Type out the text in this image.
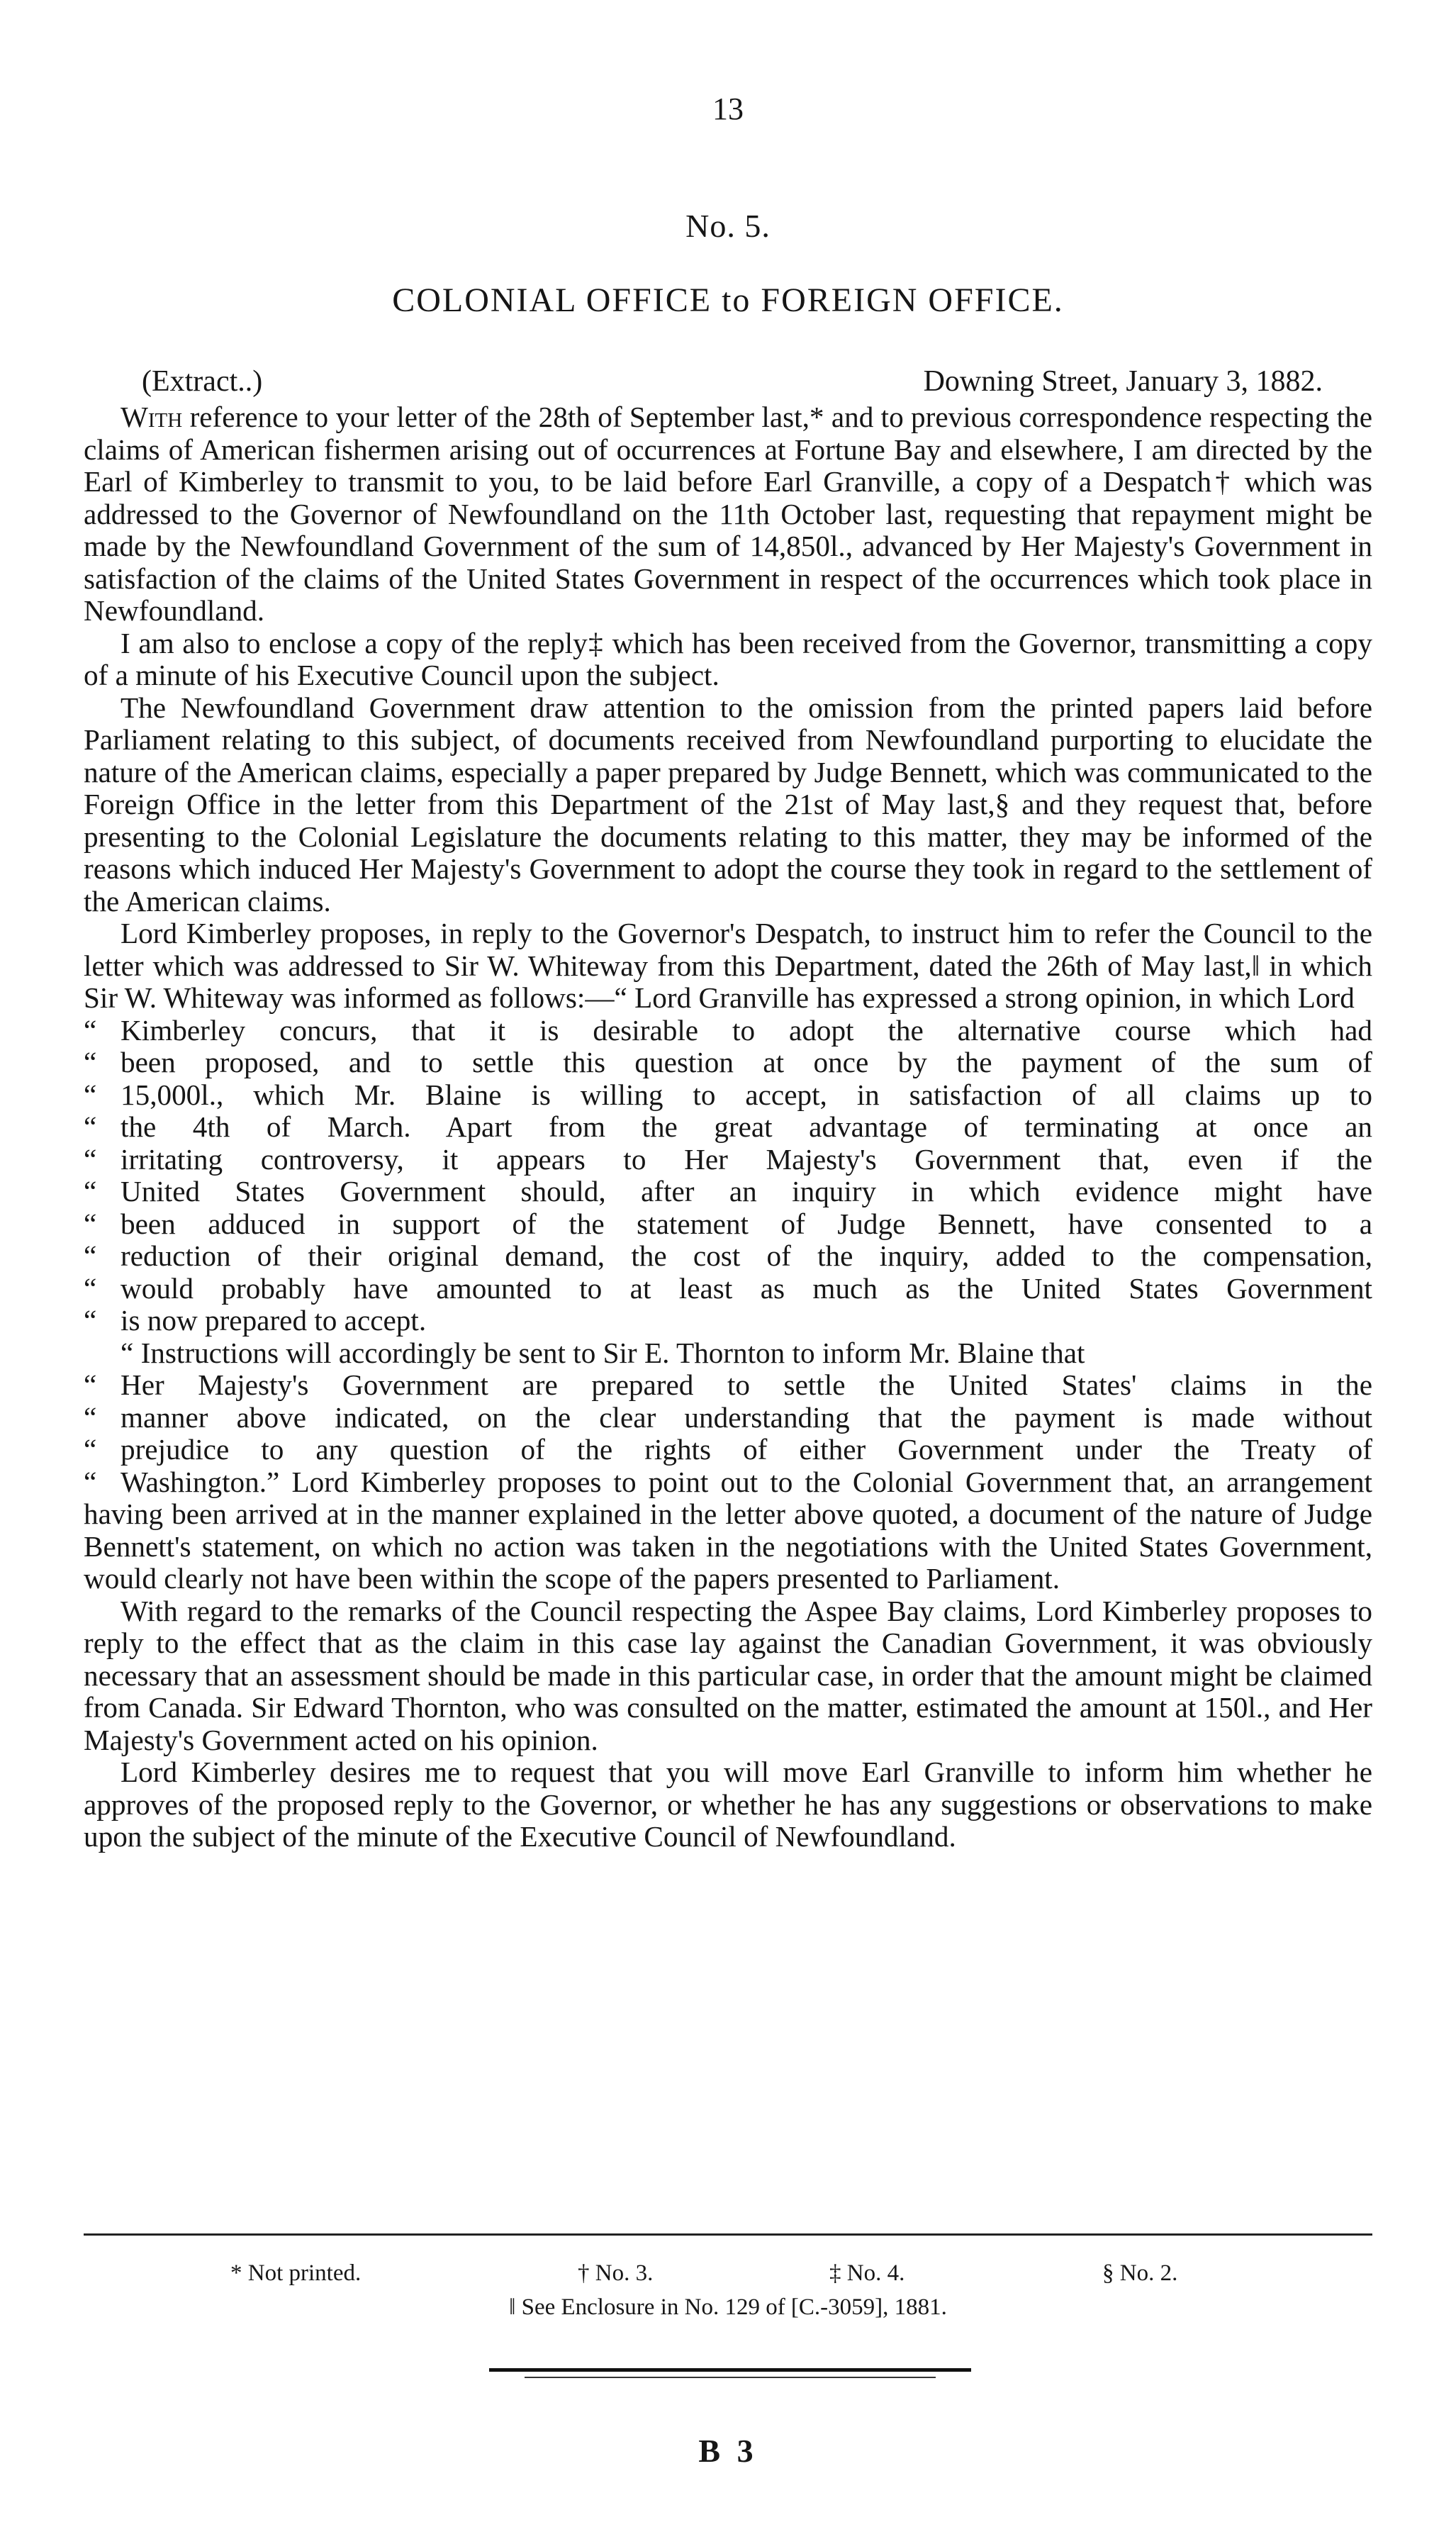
13
No. 5.
COLONIAL OFFICE to FOREIGN OFFICE.
(Extract..)	Downing Street, January 3, 1882.

With reference to your letter of the 28th of September last,* and to previous correspondence respecting the claims of American fishermen arising out of occurrences at Fortune Bay and elsewhere, I am directed by the Earl of Kimberley to transmit to you, to be laid before Earl Granville, a copy of a Despatch† which was addressed to the Governor of Newfoundland on the 11th October last, requesting that repayment might be made by the Newfoundland Government of the sum of 14,850l., advanced by Her Majesty's Government in satisfaction of the claims of the United States Government in respect of the occurrences which took place in Newfoundland.

I am also to enclose a copy of the reply‡ which has been received from the Governor, transmitting a copy of a minute of his Executive Council upon the subject.

The Newfoundland Government draw attention to the omission from the printed papers laid before Parliament relating to this subject, of documents received from Newfoundland purporting to elucidate the nature of the American claims, especially a paper prepared by Judge Bennett, which was communicated to the Foreign Office in the letter from this Department of the 21st of May last,§ and they request that, before presenting to the Colonial Legislature the documents relating to this matter, they may be informed of the reasons which induced Her Majesty's Government to adopt the course they took in regard to the settlement of the American claims.

Lord Kimberley proposes, in reply to the Governor's Despatch, to instruct him to refer the Council to the letter which was addressed to Sir W. Whiteway from this Department, dated the 26th of May last,‖ in which Sir W. Whiteway was informed as follows:—“ Lord Granville has expressed a strong opinion, in which Lord

“ Kimberley concurs, that it is desirable to adopt the alternative course which had
“ been proposed, and to settle this question at once by the payment of the sum of
“ 15,000l., which Mr. Blaine is willing to accept, in satisfaction of all claims up to
“ the 4th of March. Apart from the great advantage of terminating at once an
“ irritating controversy, it appears to Her Majesty's Government that, even if the
“ United States Government should, after an inquiry in which evidence might have
“ been adduced in support of the statement of Judge Bennett, have consented to a
“ reduction of their original demand, the cost of the inquiry, added to the compensation,
“ would probably have amounted to at least as much as the United States Government
“ is now prepared to accept.

“ Instructions will accordingly be sent to Sir E. Thornton to inform Mr. Blaine that

“ Her Majesty's Government are prepared to settle the United States' claims in the
“ manner above indicated, on the clear understanding that the payment is made without
“ prejudice to any question of the rights of either Government under the Treaty of

“ Washington.” Lord Kimberley proposes to point out to the Colonial Government that, an arrangement having been arrived at in the manner explained in the letter above quoted, a document of the nature of Judge Bennett's statement, on which no action was taken in the negotiations with the United States Government, would clearly not have been within the scope of the papers presented to Parliament.

With regard to the remarks of the Council respecting the Aspee Bay claims, Lord Kimberley proposes to reply to the effect that as the claim in this case lay against the Canadian Government, it was obviously necessary that an assessment should be made in this particular case, in order that the amount might be claimed from Canada. Sir Edward Thornton, who was consulted on the matter, estimated the amount at 150l., and Her Majesty's Government acted on his opinion.

Lord Kimberley desires me to request that you will move Earl Granville to inform him whether he approves of the proposed reply to the Governor, or whether he has any suggestions or observations to make upon the subject of the minute of the Executive Council of Newfoundland.

* Not printed.	† No. 3.	‡ No. 4.	§ No. 2.
‖ See Enclosure in No. 129 of [C.-3059], 1881.
B 3
